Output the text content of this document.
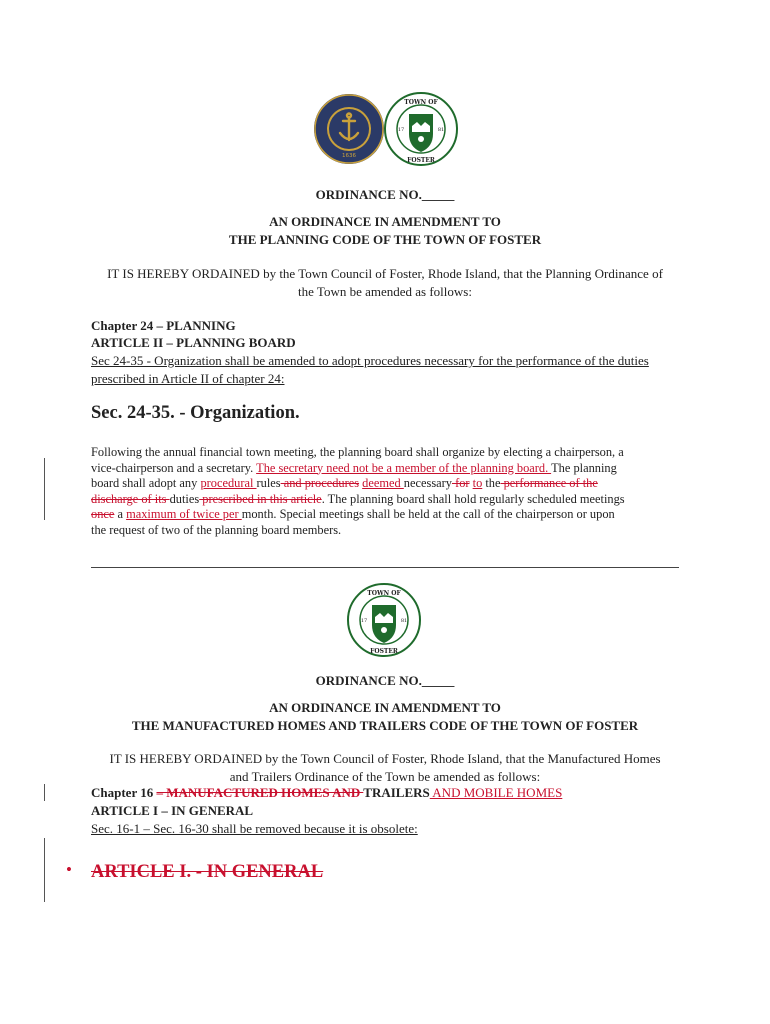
1636
TOWN OF
FOSTER
17	81
ORDINANCE NO._____
AN ORDINANCE IN AMENDMENT TO
THE PLANNING CODE OF THE TOWN OF FOSTER
IT IS HEREBY ORDAINED by the Town Council of Foster, Rhode Island, that the Planning Ordinance of
the Town be amended as follows:
Chapter 24 – PLANNING
ARTICLE II – PLANNING BOARD
Sec 24-35 - Organization shall be amended to adopt procedures necessary for the performance of the duties
prescribed in Article II of chapter 24:
Sec. 24-35. - Organization.
Following the annual financial town meeting, the planning board shall organize by electing a chairperson, a
vice-chairperson and a secretary. The secretary need not be a member of the planning board. The planning
board shall adopt any procedural rules and procedures deemed necessary for to the performance of the
discharge of its duties prescribed in this article. The planning board shall hold regularly scheduled meetings
once a maximum of twice per month. Special meetings shall be held at the call of the chairperson or upon
the request of two of the planning board members.
TOWN OF
FOSTER
17	81
ORDINANCE NO._____
AN ORDINANCE IN AMENDMENT TO
THE MANUFACTURED HOMES AND TRAILERS CODE OF THE TOWN OF FOSTER
IT IS HEREBY ORDAINED by the Town Council of Foster, Rhode Island, that the Manufactured Homes
and Trailers Ordinance of the Town be amended as follows:
Chapter 16 – MANUFACTURED HOMES AND TRAILERS AND MOBILE HOMES
ARTICLE I – IN GENERAL
Sec. 16-1 – Sec. 16-30 shall be removed because it is obsolete:
• ARTICLE I. - IN GENERAL
